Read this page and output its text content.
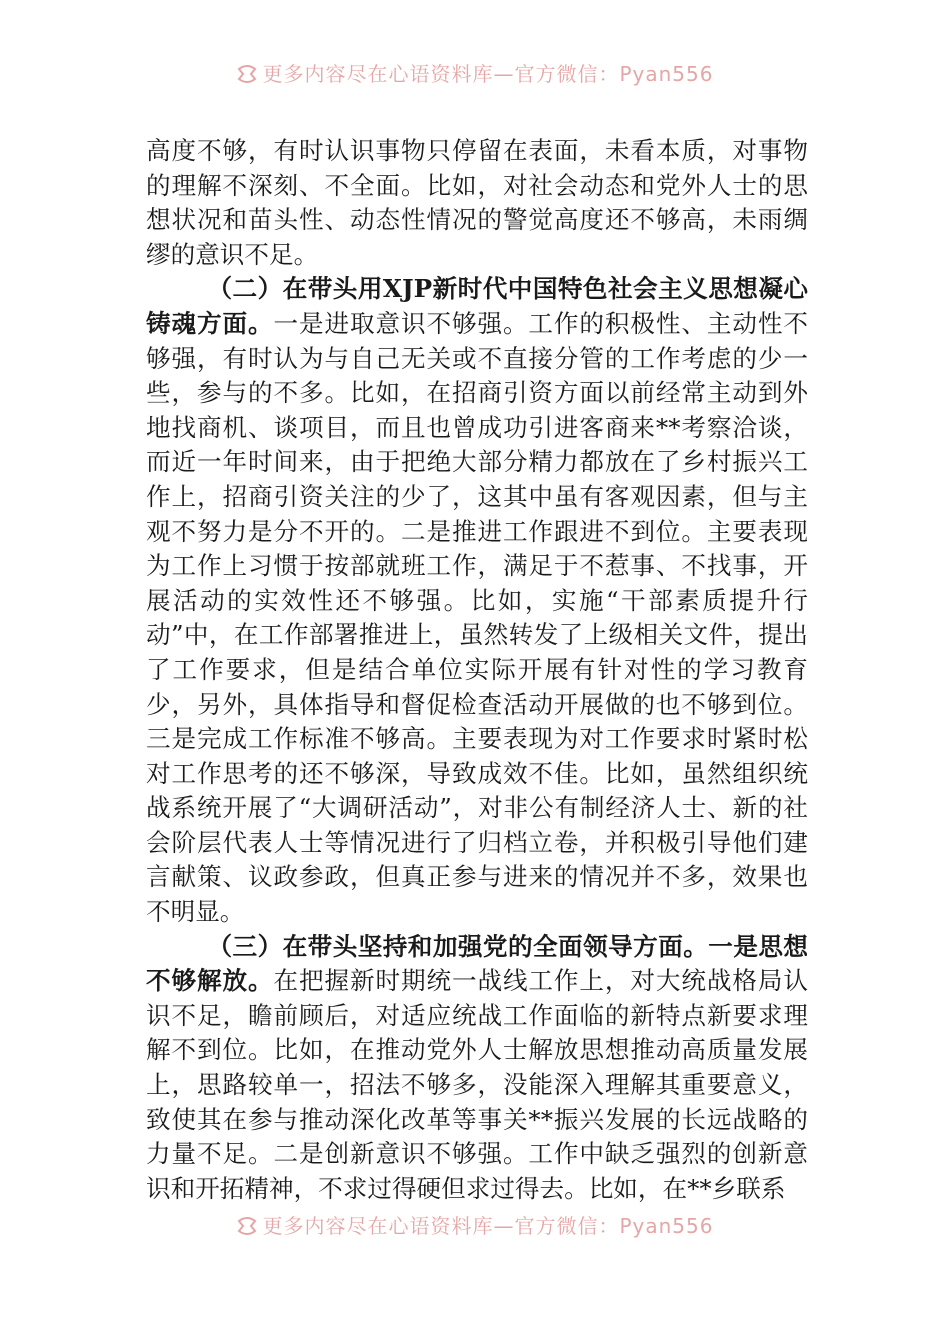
更多内容尽在心语资料库—官方微信：Pyan556

高度不够，有时认识事物只停留在表面，未看本质，对事物的理解不深刻、不全面。比如，对社会动态和党外人士的思想状况和苗头性、动态性情况的警觉高度还不够高，未雨绸缪的意识不足。

（二）在带头用XJP新时代中国特色社会主义思想凝心铸魂方面。一是进取意识不够强。工作的积极性、主动性不够强，有时认为与自己无关或不直接分管的工作考虑的少一些，参与的不多。比如，在招商引资方面以前经常主动到外地找商机、谈项目，而且也曾成功引进客商来**考察洽谈，而近一年时间来，由于把绝大部分精力都放在了乡村振兴工作上，招商引资关注的少了，这其中虽有客观因素，但与主观不努力是分不开的。二是推进工作跟进不到位。主要表现为工作上习惯于按部就班工作，满足于不惹事、不找事，开展活动的实效性还不够强。比如，实施“干部素质提升行动”中，在工作部署推进上，虽然转发了上级相关文件，提出了工作要求，但是结合单位实际开展有针对性的学习教育少，另外，具体指导和督促检查活动开展做的也不够到位。三是完成工作标准不够高。主要表现为对工作要求时紧时松对工作思考的还不够深，导致成效不佳。比如，虽然组织统战系统开展了“大调研活动”，对非公有制经济人士、新的社会阶层代表人士等情况进行了归档立卷，并积极引导他们建言献策、议政参政，但真正参与进来的情况并不多，效果也不明显。

（三）在带头坚持和加强党的全面领导方面。一是思想不够解放。在把握新时期统一战线工作上，对大统战格局认识不足，瞻前顾后，对适应统战工作面临的新特点新要求理解不到位。比如，在推动党外人士解放思想推动高质量发展上，思路较单一，招法不够多，没能深入理解其重要意义，致使其在参与推动深化改革等事关**振兴发展的长远战略的力量不足。二是创新意识不够强。工作中缺乏强烈的创新意识和开拓精神，不求过得硬但求过得去。比如，在**乡联系

更多内容尽在心语资料库—官方微信：Pyan556
